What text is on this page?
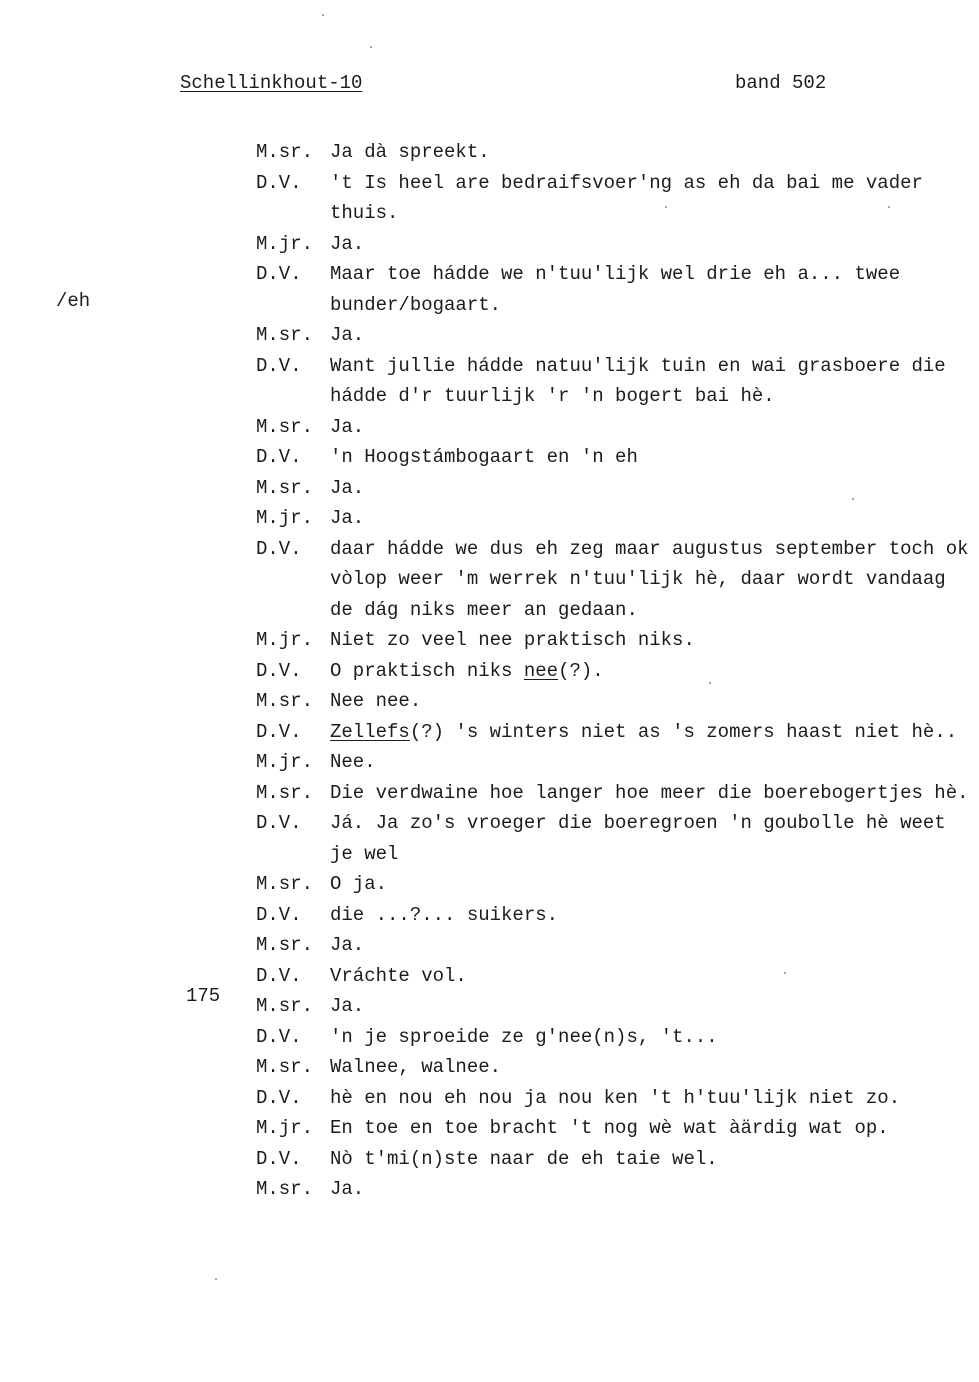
Schellinkhout-10	band 502
/eh
175
M.sr. Ja dà spreekt.
D.V.	't Is heel are bedraifsvoer'ng as eh da bai me vader thuis.
M.jr. Ja.
D.V.	Maar toe hádde we n'tuu'lijk wel drie eh a... twee bunder/bogaart.
M.sr. Ja.
D.V.	Want jullie hádde natuu'lijk tuin en wai grasboere die hádde d'r tuurlijk 'r 'n bogert bai hè.
M.sr. Ja.
D.V.	'n Hoogstámbogaart en 'n eh
M.sr. Ja.
M.jr. Ja.
D.V.	daar hádde we dus eh zeg maar augustus september toch ok vòlop weer 'm werrek n'tuu'lijk hè, daar wordt vandaag de dág niks meer an gedaan.
M.jr. Niet zo veel nee praktisch niks.
D.V.	O praktisch niks nee(?).
M.sr. Nee nee.
D.V.	Zellefs(?) 's winters niet as 's zomers haast niet hè..
M.jr. Nee.
M.sr. Die verdwaine hoe langer hoe meer die boerebogertjes hè.
D.V.	Já. Ja zo's vroeger die boeregroen 'n goubolle hè weet je wel
M.sr. O ja.
D.V.	die ...?... suikers.
M.sr. Ja.
D.V.	Vráchte vol.
M.sr. Ja.
D.V.	'n je sproeide ze g'nee(n)s, 't...
M.sr. Walnee, walnee.
D.V.	hè en nou eh nou ja nou ken 't h'tuu'lijk niet zo.
M.jr. En toe en toe bracht 't nog wè wat àärdig wat op.
D.V.	Nò t'mi(n)ste naar de eh taie wel.
M.sr. Ja.
